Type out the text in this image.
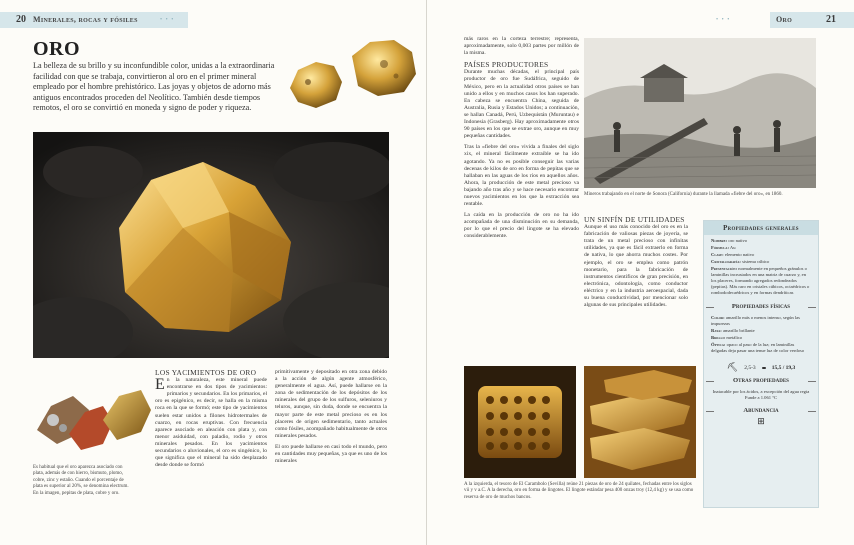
20 Minerales, rocas y fósiles	• • •	Oro	21
• • •
ORO
La belleza de su brillo y su inconfundible color, unidas a la extraordinaria facilidad con que se trabaja, convirtieron al oro en el primer mineral empleado por el hombre prehistórico. Las joyas y objetos de adorno más antiguos encontrados proceden del Neolítico. También desde tiempos remotos, el oro se convirtió en moneda y signo de poder y riqueza.
Es habitual que el oro aparezca asociado con plata, además de con hierro, bismuto, plomo, cobre, zinc y estaño. Cuando el porcentaje de plata es superior al 20%, se denomina electrum. En la imagen, pepitas de plata, cobre y oro.
LOS YACIMIENTOS DE ORO

En la naturaleza, este mineral puede encontrarse en dos tipos de yacimientos: primarios y secundarios. En los primarios, el oro es epigénico, es decir, se halla en la misma roca en la que se formó; este tipo de yacimientos suelen estar unidos a filones hidrotermales de cuarzo, en rocas eruptivas. Con frecuencia aparece asociado en aleación con plata y, con menor asiduidad, con paladio, rodio y otros minerales pesados. En los yacimientos secundarios o aluvionales, el oro es singénico, lo que significa que el mineral ha sido desplazado desde donde se formó

primitivamente y depositado en otra zona debido a la acción de algún agente atmosférico, generalmente el agua. Así, puede hallarse en la zona de sedimentación de los depósitos de los minerales del grupo de los sulfuros, seleniuros y teluros, aunque, sin duda, donde se encuentra la mayor parte de este metal precioso es en los placeres de origen sedimentario, tanto actuales como fósiles, acompañado habitualmente de otros minerales pesados.

El oro puede hallarse en casi todo el mundo, pero en cantidades muy pequeñas, ya que es uno de los minerales

más raros en la corteza terrestre; representa, aproximadamente, solo 0,003 partes por millón de la misma.

PAÍSES PRODUCTORES

Durante muchas décadas, el principal país productor de oro fue Sudáfrica, seguido de México, pero en la actualidad otros países se han unido a ellos y en muchos casos los han superado. En cabeza se encuentra China, seguida de Australia, Rusia y Estados Unidos; a continuación, se hallan Canadá, Perú, Uzbequistán (Muruntau) e Indonesia (Grasberg). Hay aproximadamente otros 90 países en los que se extrae oro, aunque en muy pequeñas cantidades.

Tras la «fiebre del oro» vivida a finales del siglo xix, el mineral fácilmente extraíble se ha ido agotando. Ya no es posible conseguir las varias decenas de kilos de oro en forma de pepitas que se hallaban en las aguas de los ríos en aquellos años. Ahora, la producción de este metal precioso va bajando año tras año y se hace necesario encontrar nuevos yacimientos en los que la extracción sea rentable.

La caída en la producción de oro no ha ido acompañada de una disminución en su demanda, por lo que el precio del lingote se ha elevado considerablemente.

UN SINFÍN DE UTILIDADES

Aunque el uso más conocido del oro es en la fabricación de valiosas piezas de joyería, se trata de un metal precioso con infinitas utilidades, ya que es fácil extraerlo en forma de nativa, lo que ahorra muchos costes. Por ejemplo, el oro se emplea como patrón monetario, para la fabricación de instrumentos científicos de gran precisión, en electrónica, odontología, como conductor eléctrico y en la industria aeroespacial, dada su buena conductividad, por mencionar solo algunas de sus principales utilidades.

Mineros trabajando en el norte de Sonora (California) durante la llamada «fiebre del oro», en 1860.
A la izquierda, el tesoro de El Carambolo (Sevilla) reúne 21 piezas de oro de 24 quilates, fechadas entre los siglos vii y v a.C. A la derecha, oro en forma de lingotes. El lingote estándar pesa 400 onzas troy (12,4 kg) y se usa como reserva de oro de muchos bancos.
Propiedades generales
Nombre: oro nativo
Fórmula: Au
Clase: elemento nativo
Cristalografía: sistema cúbico
Presentación: normalmente en pequeños gránulos o laminillas incrustados en una matriz de cuarzo y, en los placeres, formando agregados redondeados (pepitas). Más raro en cristales cúbicos, octaédricos o rombododecaédricos y en formas dendríticas
Propiedades físicas
Color: amarillo más o menos intenso, según las impurezas
Raya: amarillo brillante
Brillo: metálico
Óptica: opaco al paso de la luz; en laminillas delgadas deja pasar una tenue luz de color verdoso
⛏ 2,5-3	15,5 / 19,3
Otras propiedades
Inatacable por los ácidos, a excepción del agua regia
Funde a 1.061 °C
Abundancia
⊞
